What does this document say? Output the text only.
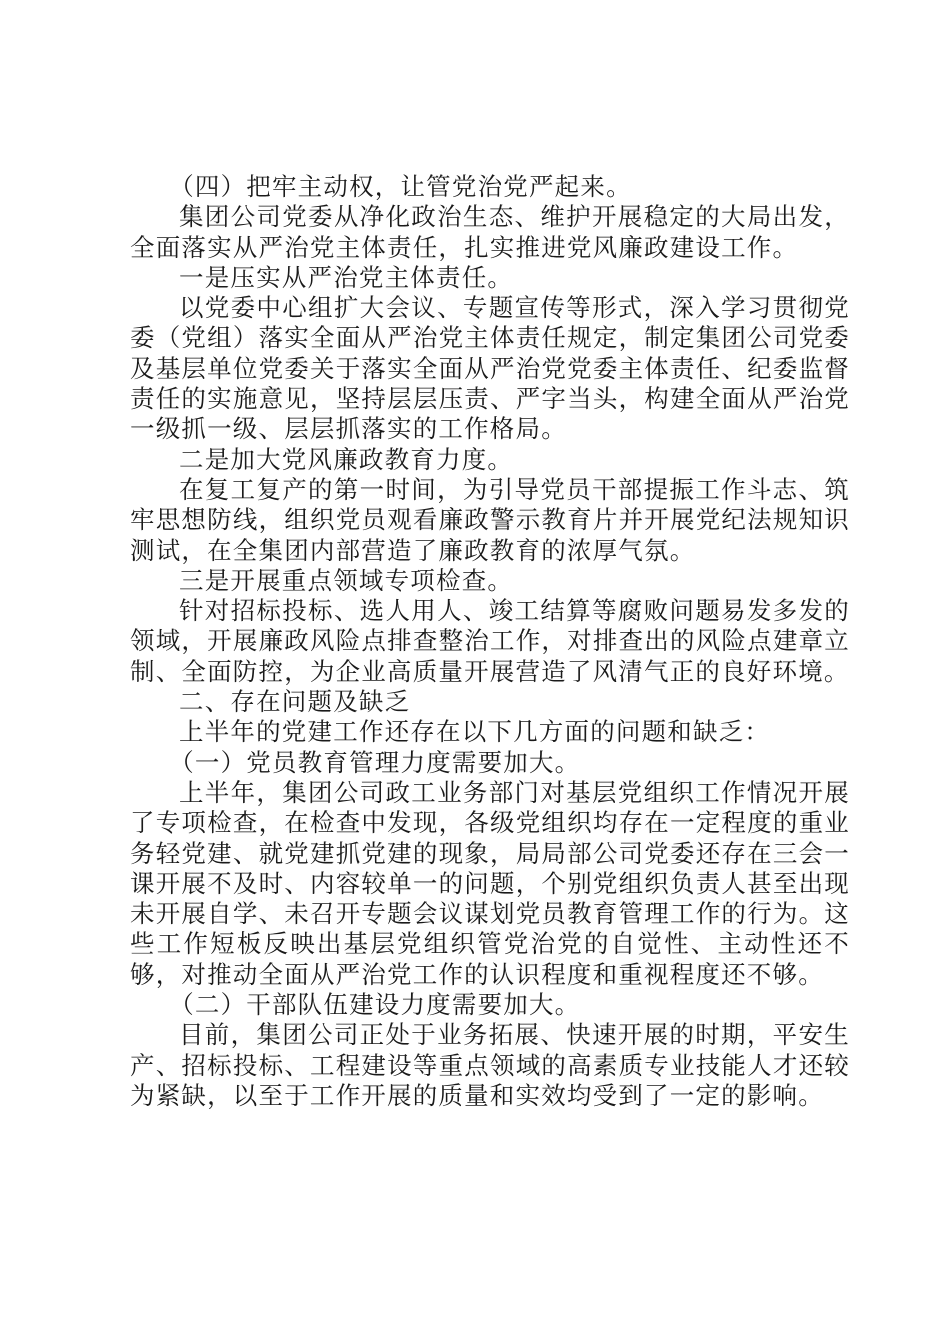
（四）把牢主动权，让管党治党严起来。

集团公司党委从净化政治生态、维护开展稳定的大局出发，全面落实从严治党主体责任，扎实推进党风廉政建设工作。

一是压实从严治党主体责任。

以党委中心组扩大会议、专题宣传等形式，深入学习贯彻党委（党组）落实全面从严治党主体责任规定，制定集团公司党委及基层单位党委关于落实全面从严治党党委主体责任、纪委监督责任的实施意见，坚持层层压责、严字当头，构建全面从严治党一级抓一级、层层抓落实的工作格局。

二是加大党风廉政教育力度。

在复工复产的第一时间，为引导党员干部提振工作斗志、筑牢思想防线，组织党员观看廉政警示教育片并开展党纪法规知识测试，在全集团内部营造了廉政教育的浓厚气氛。

三是开展重点领域专项检查。

针对招标投标、选人用人、竣工结算等腐败问题易发多发的领域，开展廉政风险点排查整治工作，对排查出的风险点建章立制、全面防控，为企业高质量开展营造了风清气正的良好环境。

二、存在问题及缺乏

上半年的党建工作还存在以下几方面的问题和缺乏：

（一）党员教育管理力度需要加大。

上半年，集团公司政工业务部门对基层党组织工作情况开展了专项检查，在检查中发现，各级党组织均存在一定程度的重业务轻党建、就党建抓党建的现象，局局部公司党委还存在三会一课开展不及时、内容较单一的问题，个别党组织负责人甚至出现未开展自学、未召开专题会议谋划党员教育管理工作的行为。这些工作短板反映出基层党组织管党治党的自觉性、主动性还不够，对推动全面从严治党工作的认识程度和重视程度还不够。

（二）干部队伍建设力度需要加大。

目前，集团公司正处于业务拓展、快速开展的时期，平安生产、招标投标、工程建设等重点领域的高素质专业技能人才还较为紧缺，以至于工作开展的质量和实效均受到了一定的影响。
